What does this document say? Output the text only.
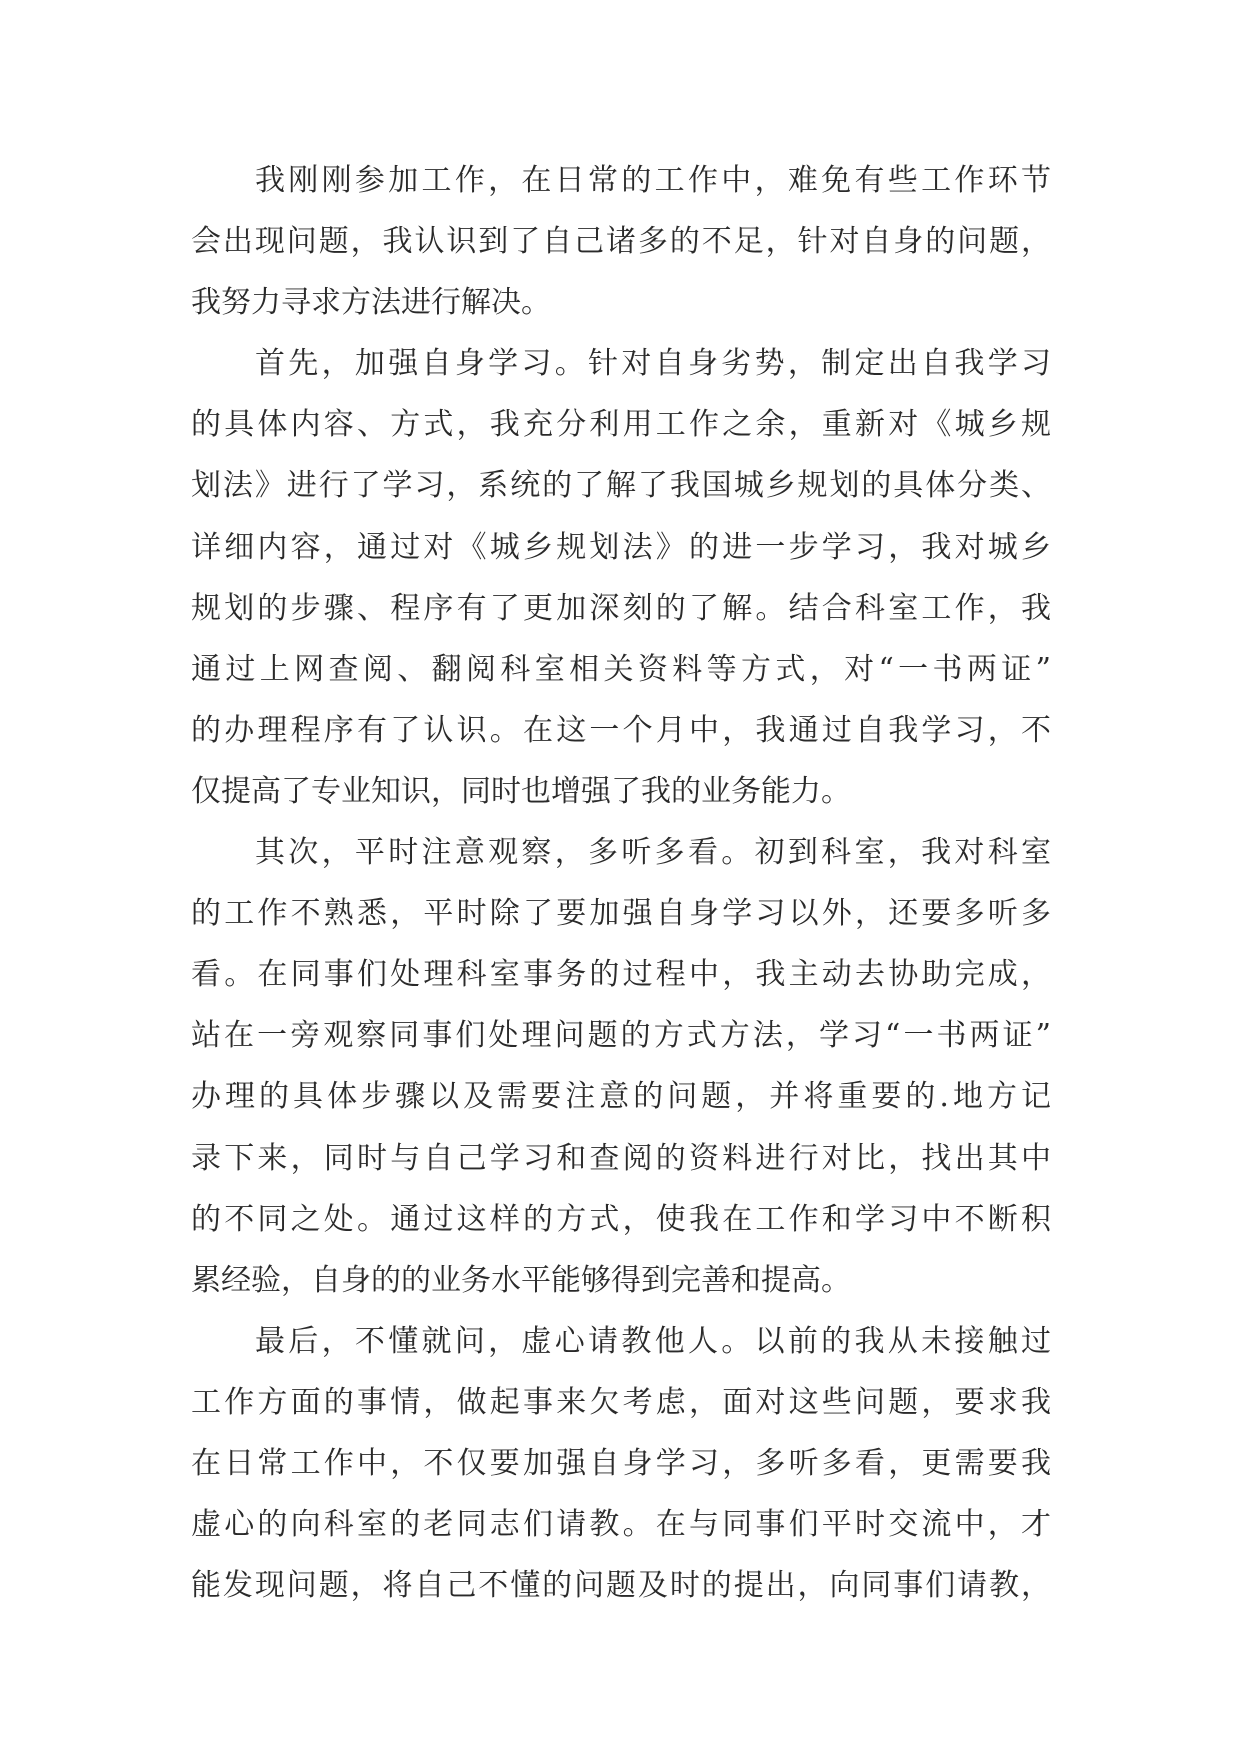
我刚刚参加工作，在日常的工作中，难免有些工作环节
会出现问题，我认识到了自己诸多的不足，针对自身的问题，
我努力寻求方法进行解决。
首先，加强自身学习。针对自身劣势，制定出自我学习
的具体内容、方式，我充分利用工作之余，重新对《城乡规
划法》进行了学习，系统的了解了我国城乡规划的具体分类、
详细内容，通过对《城乡规划法》的进一步学习，我对城乡
规划的步骤、程序有了更加深刻的了解。结合科室工作，我
通过上网查阅、翻阅科室相关资料等方式，对“一书两证”
的办理程序有了认识。在这一个月中，我通过自我学习，不
仅提高了专业知识，同时也增强了我的业务能力。
其次，平时注意观察，多听多看。初到科室，我对科室
的工作不熟悉，平时除了要加强自身学习以外，还要多听多
看。在同事们处理科室事务的过程中，我主动去协助完成，
站在一旁观察同事们处理问题的方式方法，学习“一书两证”
办理的具体步骤以及需要注意的问题，并将重要的.地方记
录下来，同时与自己学习和查阅的资料进行对比，找出其中
的不同之处。通过这样的方式，使我在工作和学习中不断积
累经验，自身的的业务水平能够得到完善和提高。
最后，不懂就问，虚心请教他人。以前的我从未接触过
工作方面的事情，做起事来欠考虑，面对这些问题，要求我
在日常工作中，不仅要加强自身学习，多听多看，更需要我
虚心的向科室的老同志们请教。在与同事们平时交流中，才
能发现问题，将自己不懂的问题及时的提出，向同事们请教，
